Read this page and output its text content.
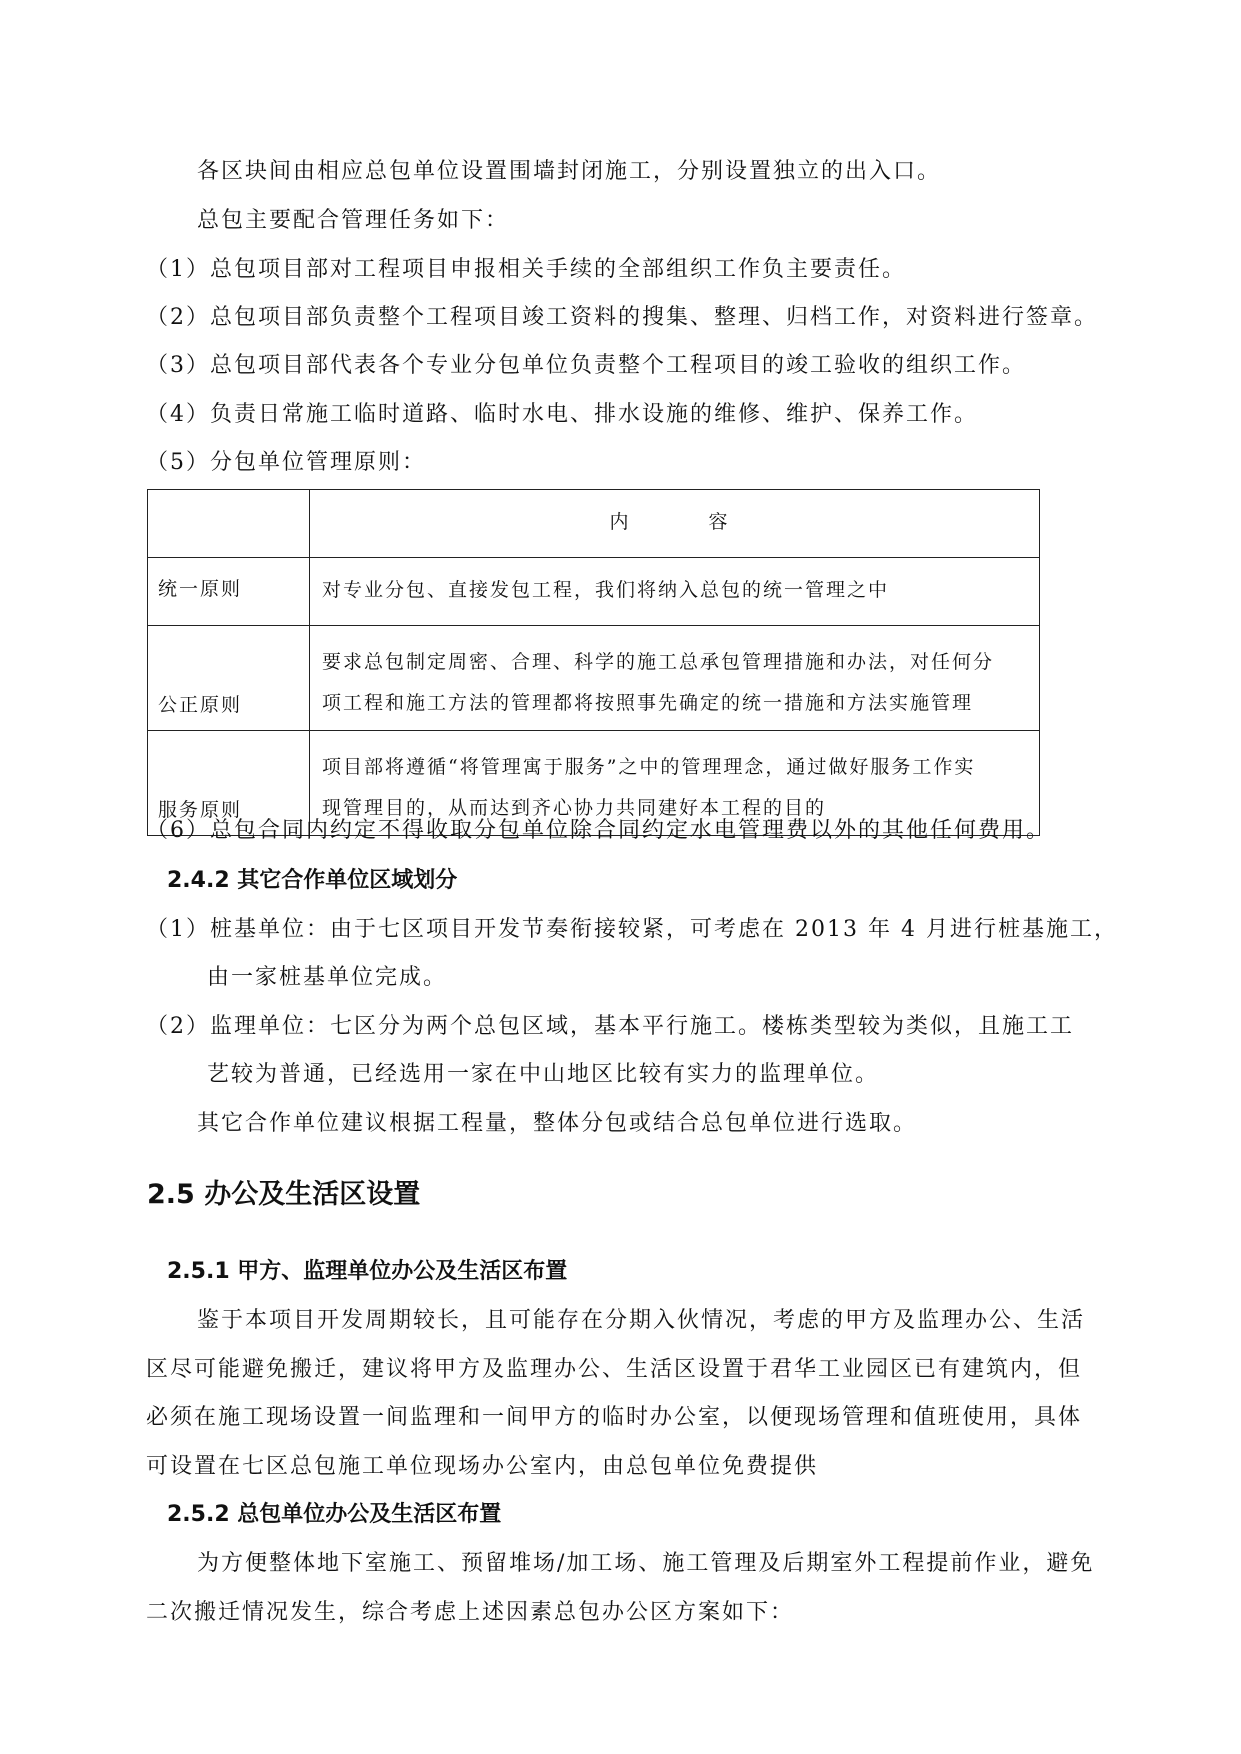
各区块间由相应总包单位设置围墙封闭施工，分别设置独立的出入口。
总包主要配合管理任务如下：
（1）总包项目部对工程项目申报相关手续的全部组织工作负主要责任。
（2）总包项目部负责整个工程项目竣工资料的搜集、整理、归档工作，对资料进行签章。
（3）总包项目部代表各个专业分包单位负责整个工程项目的竣工验收的组织工作。
（4）负责日常施工临时道路、临时水电、排水设施的维修、维护、保养工作。
（5）分包单位管理原则：
	内容
统一原则	对专业分包、直接发包工程，我们将纳入总包的统一管理之中

公正原则	要求总包制定周密、合理、科学的施工总承包管理措施和办法，对任何分
项工程和施工方法的管理都将按照事先确定的统一措施和方法实施管理

服务原则	项目部将遵循“将管理寓于服务”之中的管理理念，通过做好服务工作实
现管理目的，从而达到齐心协力共同建好本工程的目的
（6）总包合同内约定不得收取分包单位除合同约定水电管理费以外的其他任何费用。
2.4.2 其它合作单位区域划分
（1）桩基单位：由于七区项目开发节奏衔接较紧，可考虑在 2013 年 4 月进行桩基施工，
由一家桩基单位完成。
（2）监理单位：七区分为两个总包区域，基本平行施工。楼栋类型较为类似，且施工工
艺较为普通，已经选用一家在中山地区比较有实力的监理单位。
其它合作单位建议根据工程量，整体分包或结合总包单位进行选取。
2.5 办公及生活区设置
2.5.1 甲方、监理单位办公及生活区布置
鉴于本项目开发周期较长，且可能存在分期入伙情况，考虑的甲方及监理办公、生活
区尽可能避免搬迁，建议将甲方及监理办公、生活区设置于君华工业园区已有建筑内，但
必须在施工现场设置一间监理和一间甲方的临时办公室，以便现场管理和值班使用，具体
可设置在七区总包施工单位现场办公室内，由总包单位免费提供
2.5.2 总包单位办公及生活区布置
为方便整体地下室施工、预留堆场/加工场、施工管理及后期室外工程提前作业，避免
二次搬迁情况发生，综合考虑上述因素总包办公区方案如下：
